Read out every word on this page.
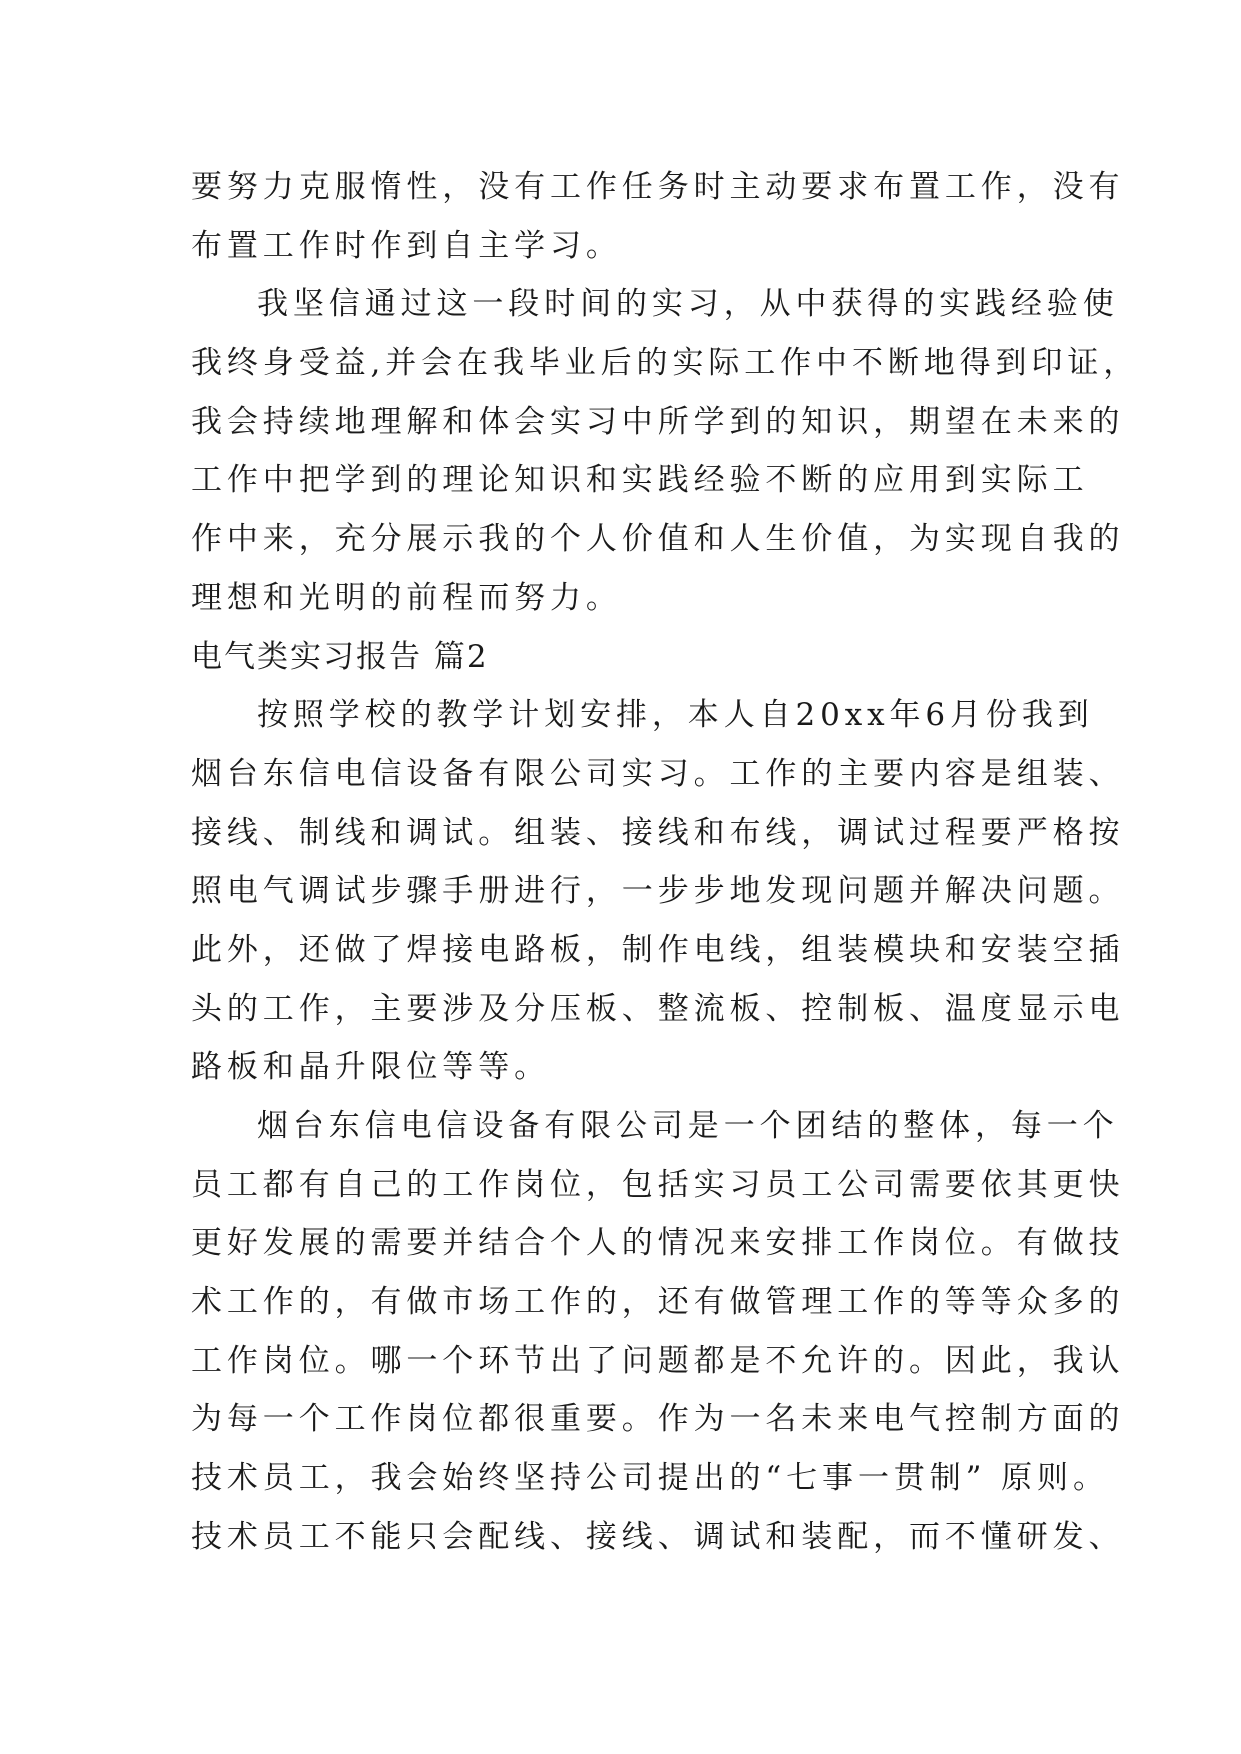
要努力克服惰性，没有工作任务时主动要求布置工作，没有
布置工作时作到自主学习。
我坚信通过这一段时间的实习，从中获得的实践经验使
我终身受益,并会在我毕业后的实际工作中不断地得到印证，
我会持续地理解和体会实习中所学到的知识，期望在未来的
工作中把学到的理论知识和实践经验不断的应用到实际工
作中来，充分展示我的个人价值和人生价值，为实现自我的
理想和光明的前程而努力。
电气类实习报告 篇2
按照学校的教学计划安排，本人自20xx年6月份我到
烟台东信电信设备有限公司实习。工作的主要内容是组装、
接线、制线和调试。组装、接线和布线，调试过程要严格按
照电气调试步骤手册进行，一步步地发现问题并解决问题。
此外，还做了焊接电路板，制作电线，组装模块和安装空插
头的工作，主要涉及分压板、整流板、控制板、温度显示电
路板和晶升限位等等。
烟台东信电信设备有限公司是一个团结的整体，每一个
员工都有自己的工作岗位，包括实习员工公司需要依其更快
更好发展的需要并结合个人的情况来安排工作岗位。有做技
术工作的，有做市场工作的，还有做管理工作的等等众多的
工作岗位。哪一个环节出了问题都是不允许的。因此，我认
为每一个工作岗位都很重要。作为一名未来电气控制方面的
技术员工，我会始终坚持公司提出的“七事一贯制” 原则。
技术员工不能只会配线、接线、调试和装配，而不懂研发、
